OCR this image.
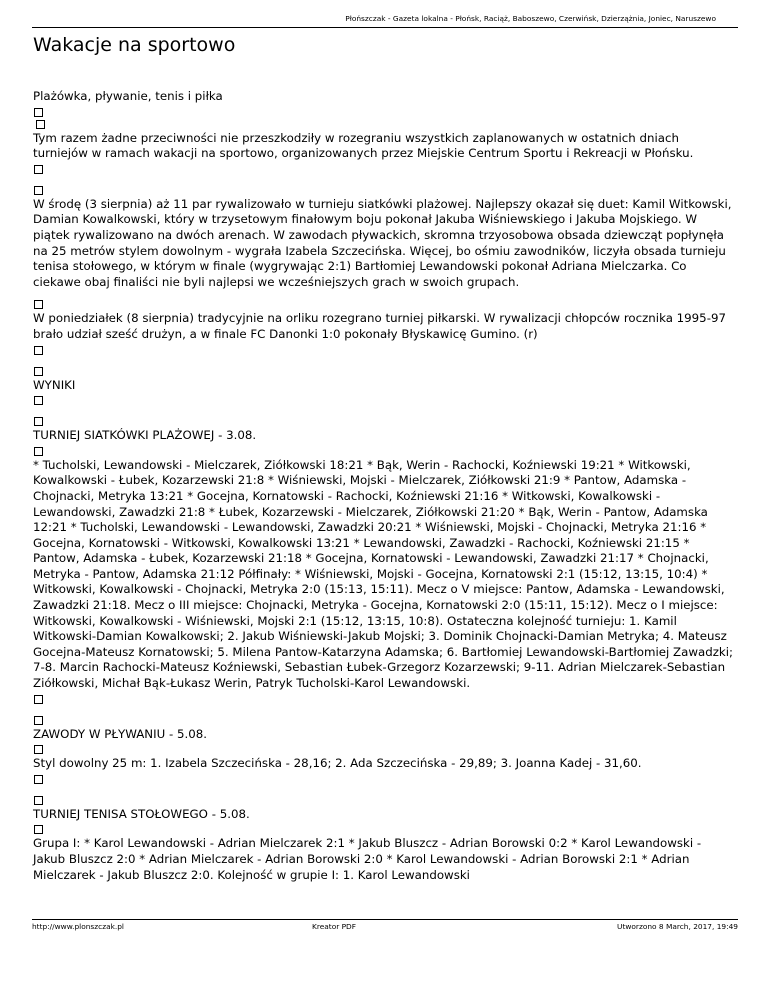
Płońszczak - Gazeta lokalna - Płońsk, Raciąż, Baboszewo, Czerwińsk, Dzierzążnia, Joniec, Naruszewo
Wakacje na sportowo

Plażówka, pływanie, tenis i piłka

Tym razem żadne przeciwności nie przeszkodziły w rozegraniu wszystkich zaplanowanych w ostatnich dniach turniejów w ramach wakacji na sportowo, organizowanych przez Miejskie Centrum Sportu i Rekreacji w Płońsku.

W środę (3 sierpnia) aż 11 par rywalizowało w turnieju siatkówki plażowej. Najlepszy okazał się duet: Kamil Witkowski, Damian Kowalkowski, który w trzysetowym finałowym boju pokonał Jakuba Wiśniewskiego i Jakuba Mojskiego. W piątek rywalizowano na dwóch arenach. W zawodach pływackich, skromna trzyosobowa obsada dziewcząt popłynęła na 25 metrów stylem dowolnym - wygrała Izabela Szczecińska. Więcej, bo ośmiu zawodników, liczyła obsada turnieju tenisa stołowego, w którym w finale (wygrywając 2:1) Bartłomiej Lewandowski pokonał Adriana Mielczarka. Co ciekawe obaj finaliści nie byli najlepsi we wcześniejszych grach w swoich grupach.

W poniedziałek (8 sierpnia) tradycyjnie na orliku rozegrano turniej piłkarski. W rywalizacji chłopców rocznika 1995-97 brało udział sześć drużyn, a w finale FC Danonki 1:0 pokonały Błyskawicę Gumino. (r)

WYNIKI

TURNIEJ SIATKÓWKI PLAŻOWEJ - 3.08.

* Tucholski, Lewandowski - Mielczarek, Ziółkowski 18:21 * Bąk, Werin - Rachocki, Koźniewski 19:21 * Witkowski, Kowalkowski - Łubek, Kozarzewski 21:8 * Wiśniewski, Mojski - Mielczarek, Ziółkowski 21:9 * Pantow, Adamska - Chojnacki, Metryka 13:21 * Gocejna, Kornatowski - Rachocki, Koźniewski 21:16 * Witkowski, Kowalkowski - Lewandowski, Zawadzki 21:8 * Łubek, Kozarzewski - Mielczarek, Ziółkowski 21:20 * Bąk, Werin - Pantow, Adamska 12:21 * Tucholski, Lewandowski - Lewandowski, Zawadzki 20:21 * Wiśniewski, Mojski - Chojnacki, Metryka 21:16 * Gocejna, Kornatowski - Witkowski, Kowalkowski 13:21 * Lewandowski, Zawadzki - Rachocki, Koźniewski 21:15 * Pantow, Adamska - Łubek, Kozarzewski 21:18 * Gocejna, Kornatowski - Lewandowski, Zawadzki 21:17 * Chojnacki, Metryka - Pantow, Adamska 21:12 Półfinały: * Wiśniewski, Mojski - Gocejna, Kornatowski 2:1 (15:12, 13:15, 10:4) * Witkowski, Kowalkowski - Chojnacki, Metryka 2:0 (15:13, 15:11). Mecz o V miejsce: Pantow, Adamska - Lewandowski, Zawadzki 21:18. Mecz o III miejsce: Chojnacki, Metryka - Gocejna, Kornatowski 2:0 (15:11, 15:12). Mecz o I miejsce: Witkowski, Kowalkowski - Wiśniewski, Mojski 2:1 (15:12, 13:15, 10:8). Ostateczna kolejność turnieju: 1. Kamil Witkowski-Damian Kowalkowski; 2. Jakub Wiśniewski-Jakub Mojski; 3. Dominik Chojnacki-Damian Metryka; 4. Mateusz Gocejna-Mateusz Kornatowski; 5. Milena Pantow-Katarzyna Adamska; 6. Bartłomiej Lewandowski-Bartłomiej Zawadzki; 7-8. Marcin Rachocki-Mateusz Koźniewski, Sebastian Łubek-Grzegorz Kozarzewski; 9-11. Adrian Mielczarek-Sebastian Ziółkowski, Michał Bąk-Łukasz Werin, Patryk Tucholski-Karol Lewandowski.

ZAWODY W PŁYWANIU - 5.08.

Styl dowolny 25 m: 1. Izabela Szczecińska - 28,16; 2. Ada Szczecińska - 29,89; 3. Joanna Kadej - 31,60.

TURNIEJ TENISA STOŁOWEGO - 5.08.

Grupa I: * Karol Lewandowski - Adrian Mielczarek 2:1 * Jakub Bluszcz - Adrian Borowski 0:2 * Karol Lewandowski - Jakub Bluszcz 2:0 * Adrian Mielczarek - Adrian Borowski 2:0 * Karol Lewandowski - Adrian Borowski 2:1 * Adrian Mielczarek - Jakub Bluszcz 2:0. Kolejność w grupie I: 1. Karol Lewandowski

http://www.plonszczak.pl	Kreator PDF	Utworzono 8 March, 2017, 19:49
